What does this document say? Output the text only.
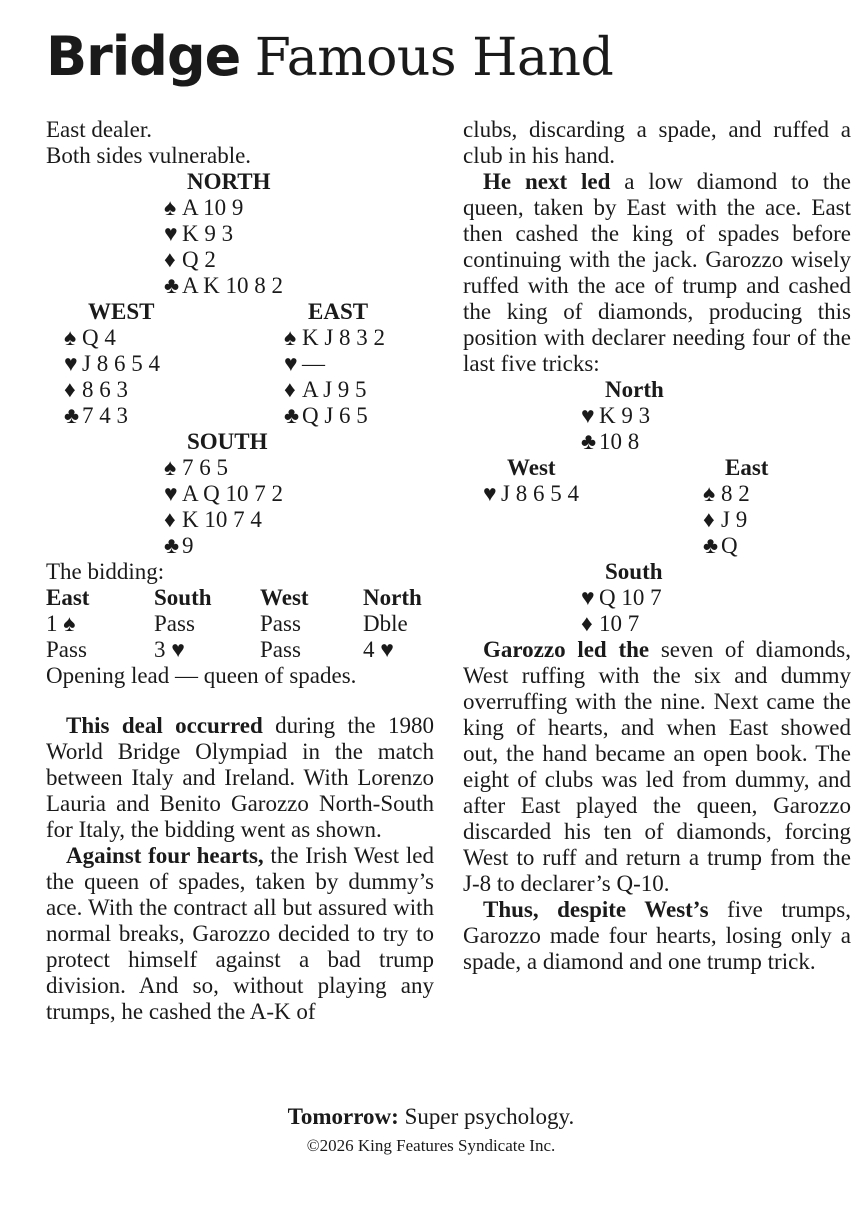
Bridge Famous Hand
East dealer.
Both sides vulnerable.
NORTH
♠ A 10 9
♥ K 9 3
♦ Q 2
♣ A K 10 8 2
WEST
♠ Q 4
♥ J 8 6 5 4
♦ 8 6 3
♣ 7 4 3
EAST
♠ K J 8 3 2
♥ —
♦ A J 9 5
♣ Q J 6 5
SOUTH
♠ 7 6 5
♥ A Q 10 7 2
♦ K 10 7 4
♣ 9
The bidding:
East	South West North
1 ♠	Pass	Pass	Dble
Pass	3 ♥	Pass	4 ♥
Opening lead — queen of spades.

This deal occurred during the 1980 World Bridge Olympiad in the match between Italy and Ireland. With Lorenzo Lauria and Benito Garozzo North-South for Italy, the bidding went as shown.

Against four hearts, the Irish West led the queen of spades, taken by dummy’s ace. With the contract all but assured with normal breaks, Garozzo decided to try to protect himself against a bad trump division. And so, without playing any trumps, he cashed the A-K of

clubs, discarding a spade, and ruffed a club in his hand.

He next led a low diamond to the queen, taken by East with the ace. East then cashed the king of spades before continuing with the jack. Garozzo wisely ruffed with the ace of trump and cashed the king of diamonds, producing this position with declarer needing four of the last five tricks:

North
♥ K 9 3
♣ 10 8
West
♥ J 8 6 5 4
East
♠ 8 2
♦ J 9
♣ Q
South
♥ Q 10 7
♦ 10 7

Garozzo led the seven of diamonds, West ruffing with the six and dummy overruffing with the nine. Next came the king of hearts, and when East showed out, the hand became an open book. The eight of clubs was led from dummy, and after East played the queen, Garozzo discarded his ten of diamonds, forcing West to ruff and return a trump from the J-8 to declarer’s Q-10.

Thus, despite West’s five trumps, Garozzo made four hearts, losing only a spade, a diamond and one trump trick.

Tomorrow: Super psychology.
©2026 King Features Syndicate Inc.
